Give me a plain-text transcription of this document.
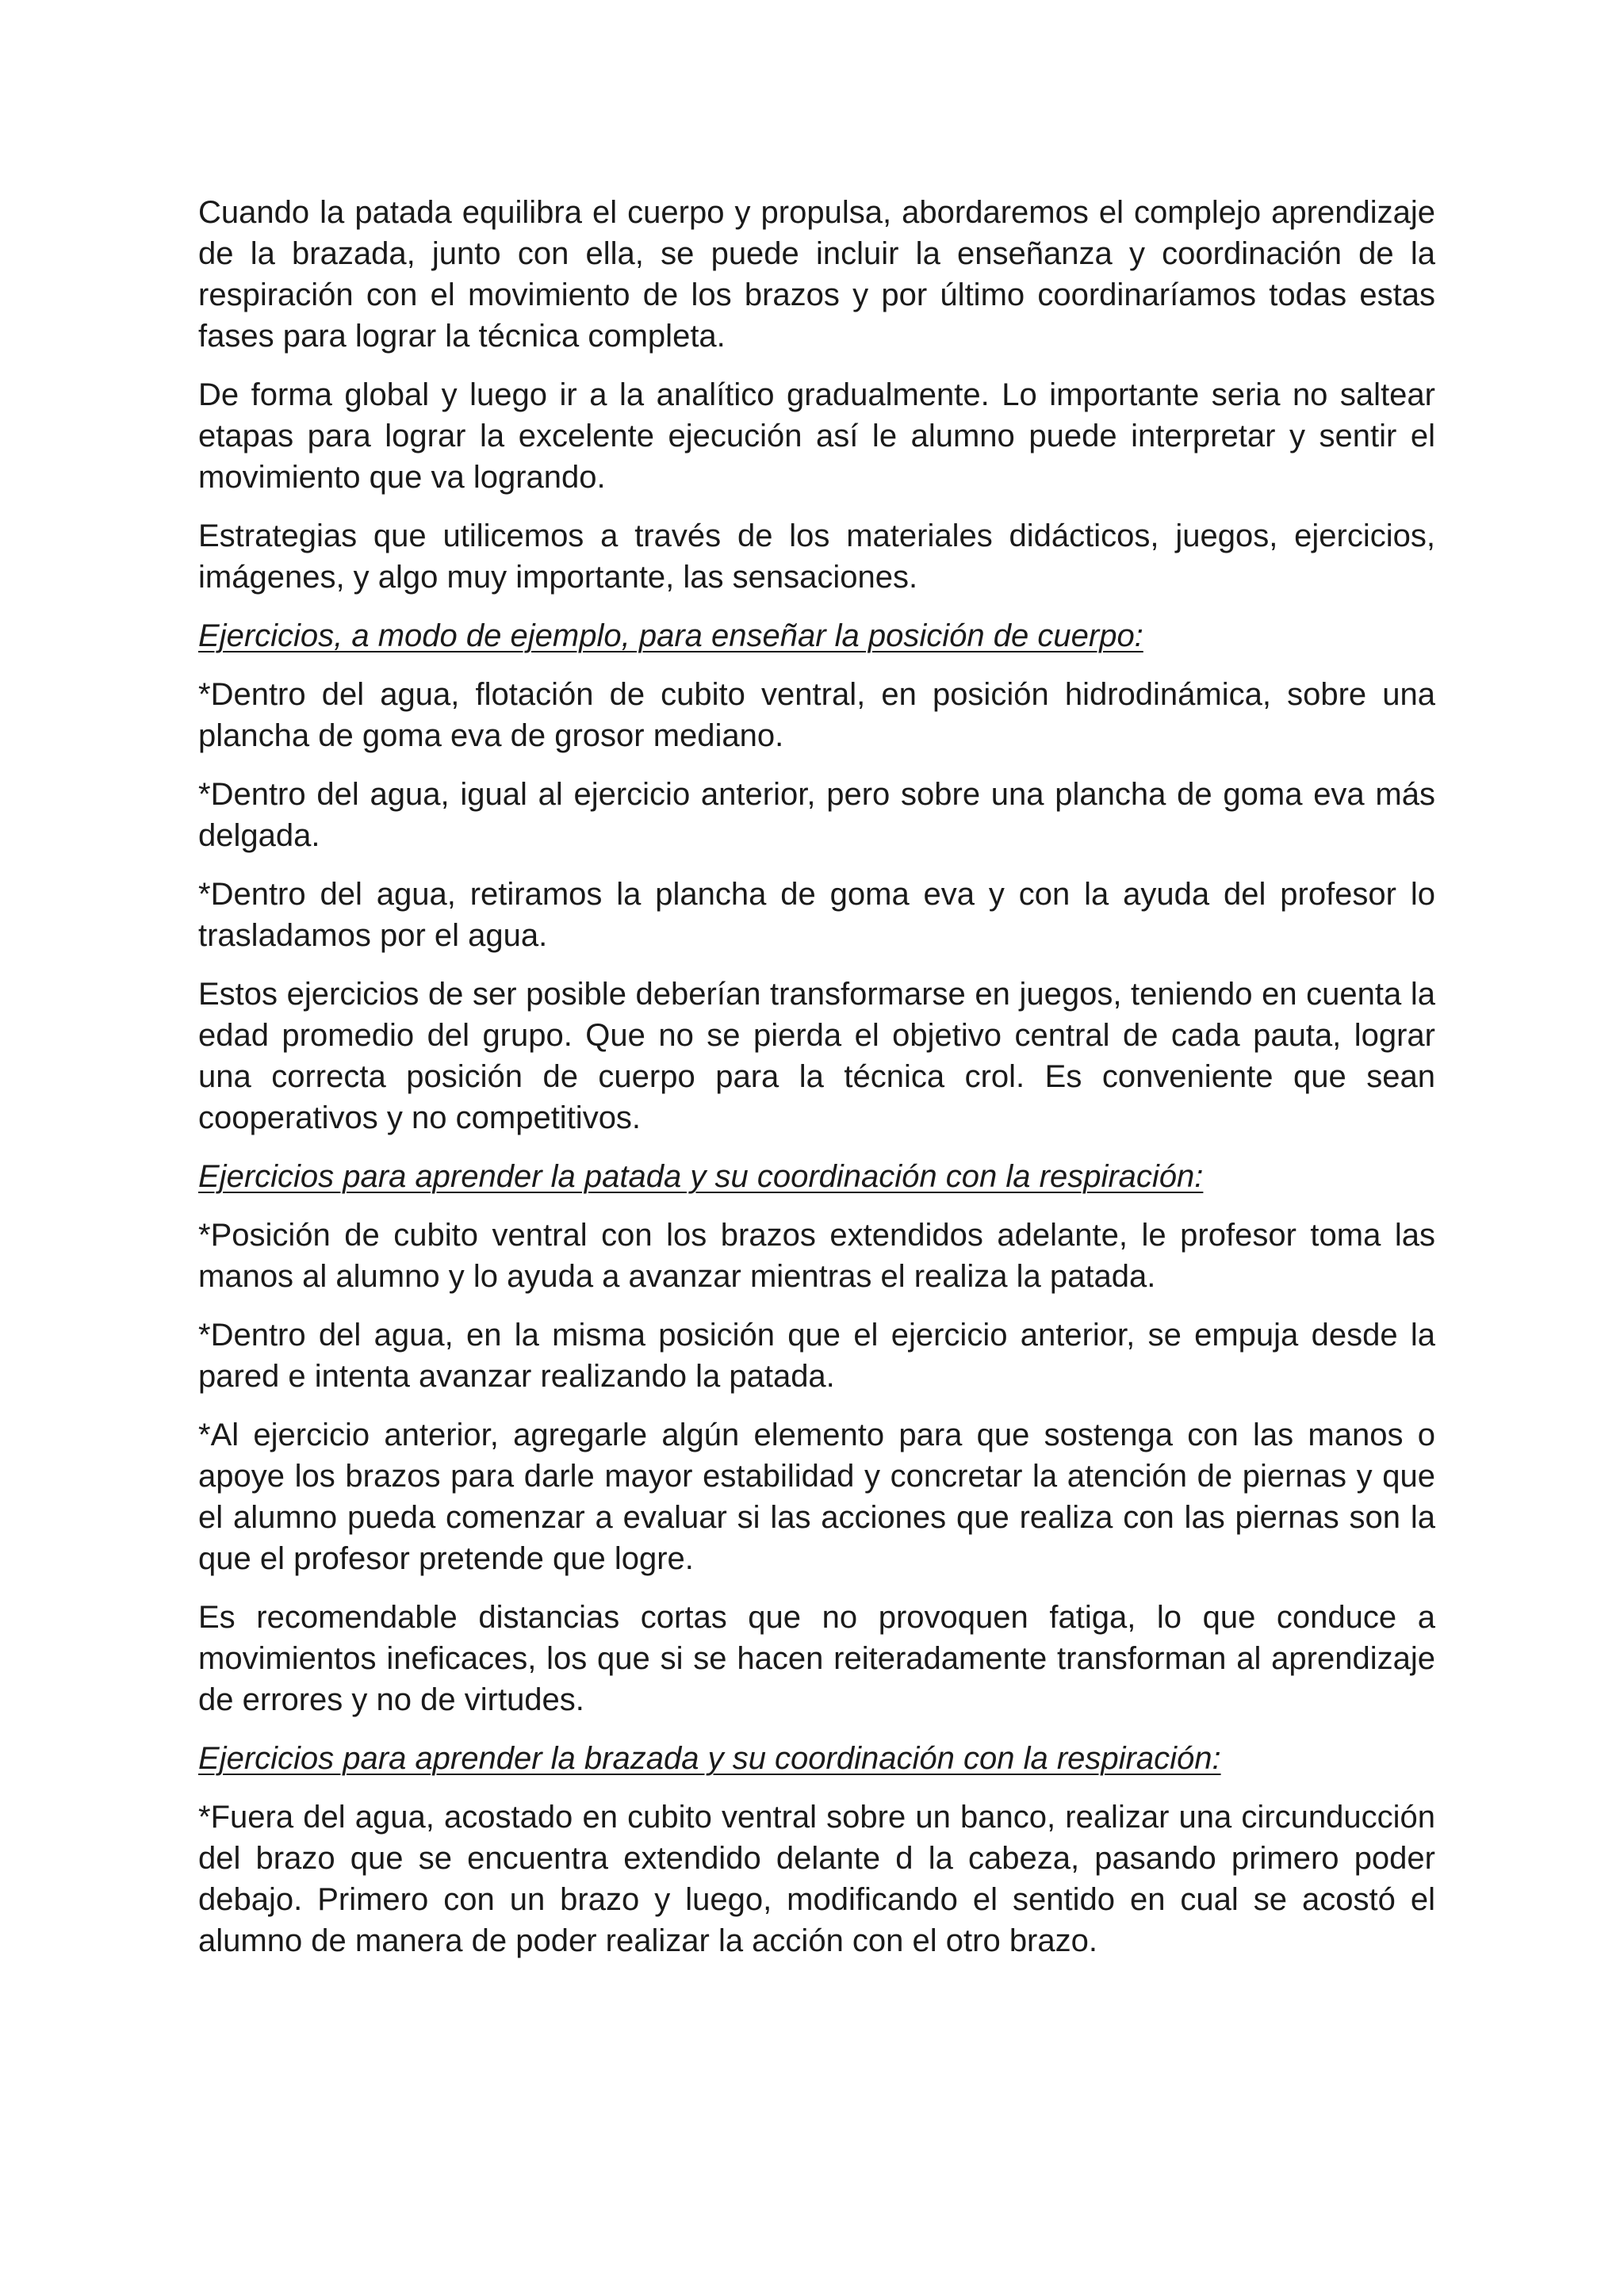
Cuando la patada equilibra el cuerpo y propulsa, abordaremos el complejo aprendizaje de la brazada, junto con ella, se puede incluir la enseñanza y coordinación de la respiración con el movimiento de los brazos y por último coordinaríamos todas estas fases para lograr la técnica completa.

De forma global y luego ir a la analítico gradualmente. Lo importante seria no saltear etapas para lograr la excelente ejecución así le alumno puede interpretar y sentir el movimiento que va logrando.

Estrategias que utilicemos a través de los materiales didácticos, juegos, ejercicios, imágenes, y algo muy importante, las sensaciones.

Ejercicios, a modo de ejemplo, para enseñar la posición de cuerpo:

*Dentro del agua, flotación de cubito ventral, en posición hidrodinámica, sobre una plancha de goma eva de grosor mediano.

*Dentro del agua, igual al ejercicio anterior, pero sobre una plancha de goma eva más delgada.

*Dentro del agua, retiramos la plancha de goma eva y con la ayuda del profesor lo trasladamos por el agua.

Estos ejercicios de ser posible deberían transformarse en juegos, teniendo en cuenta la edad promedio del grupo. Que no se pierda el objetivo central de cada pauta, lograr una correcta posición de cuerpo para la técnica crol. Es conveniente que sean cooperativos y no competitivos.

Ejercicios para aprender la patada y su coordinación con la respiración:

*Posición de cubito ventral con los brazos extendidos adelante, le profesor toma las manos al alumno y lo ayuda a avanzar mientras el realiza la patada.

*Dentro del agua, en la misma posición que el ejercicio anterior, se empuja desde la pared e intenta avanzar realizando la patada.

*Al ejercicio anterior, agregarle algún elemento para que sostenga con las manos o apoye los brazos para darle mayor estabilidad y concretar la atención de piernas y que el alumno pueda comenzar a evaluar si las acciones que realiza con las piernas son la que el profesor pretende que logre.

Es recomendable distancias cortas que no provoquen fatiga, lo que conduce a movimientos ineficaces, los que si se hacen reiteradamente transforman al aprendizaje de errores y no de virtudes.

Ejercicios para aprender la brazada y su coordinación con la respiración:

*Fuera del agua, acostado en cubito ventral sobre un banco, realizar una circunducción del brazo que se encuentra extendido delante d la cabeza, pasando primero poder debajo. Primero con un brazo y luego, modificando el sentido en cual se acostó el alumno de manera de poder realizar la acción con el otro brazo.
